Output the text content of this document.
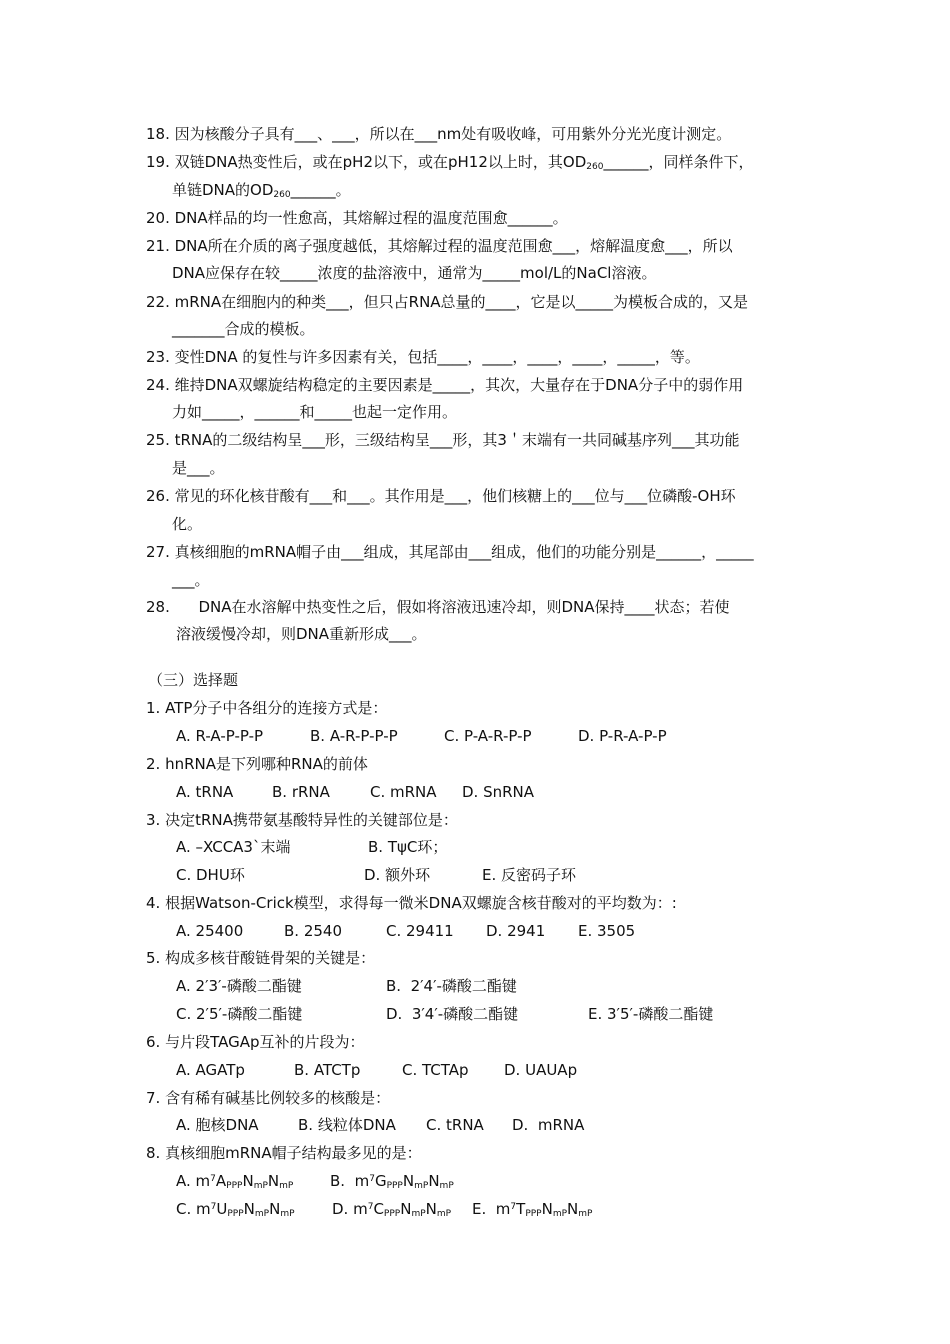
18. 因为核酸分子具有___、___，所以在___nm处有吸收峰，可用紫外分光光度计测定。
19. 双链DNA热变性后，或在pH2以下，或在pH12以上时，其$OD_{260}\_\_\_\_\_\_$，同样条件下，
单链DNA的$OD_{260}\_\_\_\_\_\_$。
20. DNA样品的均一性愈高，其熔解过程的温度范围愈______。
21. DNA所在介质的离子强度越低，其熔解过程的温度范围愈___，熔解温度愈___，所以
DNA应保存在较_____浓度的盐溶液中，通常为_____mol/L的NaCl溶液。
22. mRNA在细胞内的种类___，但只占RNA总量的____，它是以_____为模板合成的，又是
_______合成的模板。
23. 变性DNA 的复性与许多因素有关，包括____，____，____，____，_____，等。
24. 维持DNA双螺旋结构稳定的主要因素是_____，其次，大量存在于DNA分子中的弱作用
力如_____，______和_____也起一定作用。
25. tRNA的二级结构呈___形，三级结构呈___形，其3＇末端有一共同碱基序列___其功能
是___。
26. 常见的环化核苷酸有___和___。其作用是___，他们核糖上的___位与___位磷酸-OH环
化。
27. 真核细胞的mRNA帽子由___组成，其尾部由___组成，他们的功能分别是______，_____
___。
28.      DNA在水溶解中热变性之后，假如将溶液迅速冷却，则DNA保持____状态；若使
溶液缓慢冷却，则DNA重新形成___。
（三）选择题
1. ATP分子中各组分的连接方式是：
A. R-A-P-P-P	B. A-R-P-P-P	C. P-A-R-P-P	D. P-R-A-P-P
2. hnRNA是下列哪种RNA的前体
A. tRNA	B. rRNA	C. mRNA D. SnRNA
3. 决定tRNA携带氨基酸特异性的关键部位是：
A. –XCCA3`末端	B. TψC环；
C. DHU环	D. 额外环	E. 反密码子环
4. 根据Watson-Crick模型，求得每一微米DNA双螺旋含核苷酸对的平均数为：:
A. 25400	B. 2540	C. 29411 D. 2941 E. 3505
5. 构成多核苷酸链骨架的关键是：
A. 2′3′-磷酸二酯键	B.  2′4′-磷酸二酯键
C. 2′5′-磷酸二酯键	D.  3′4′-磷酸二酯键	E. 3′5′-磷酸二酯键
6. 与片段TAGAp互补的片段为：
A. AGATp	B. ATCTp	C. TCTAp D. UAUAp
7. 含有稀有碱基比例较多的核酸是：
A. 胞核DNA	B. 线粒体DNA C. tRNA D.  mRNA
8. 真核细胞mRNA帽子结构最多见的是：
A. $m^7A_{PPP}N_{mP}N_{mP}$ B.  $m^7G_{PPP}N_{mP}N_{mP}$
C. $m^7U_{PPP}N_{mP}N_{mP}$ D. $m^7C_{PPP}N_{mP}N_{mP}$ E.  $m^7T_{PPP}N_{mP}N_{mP}$
